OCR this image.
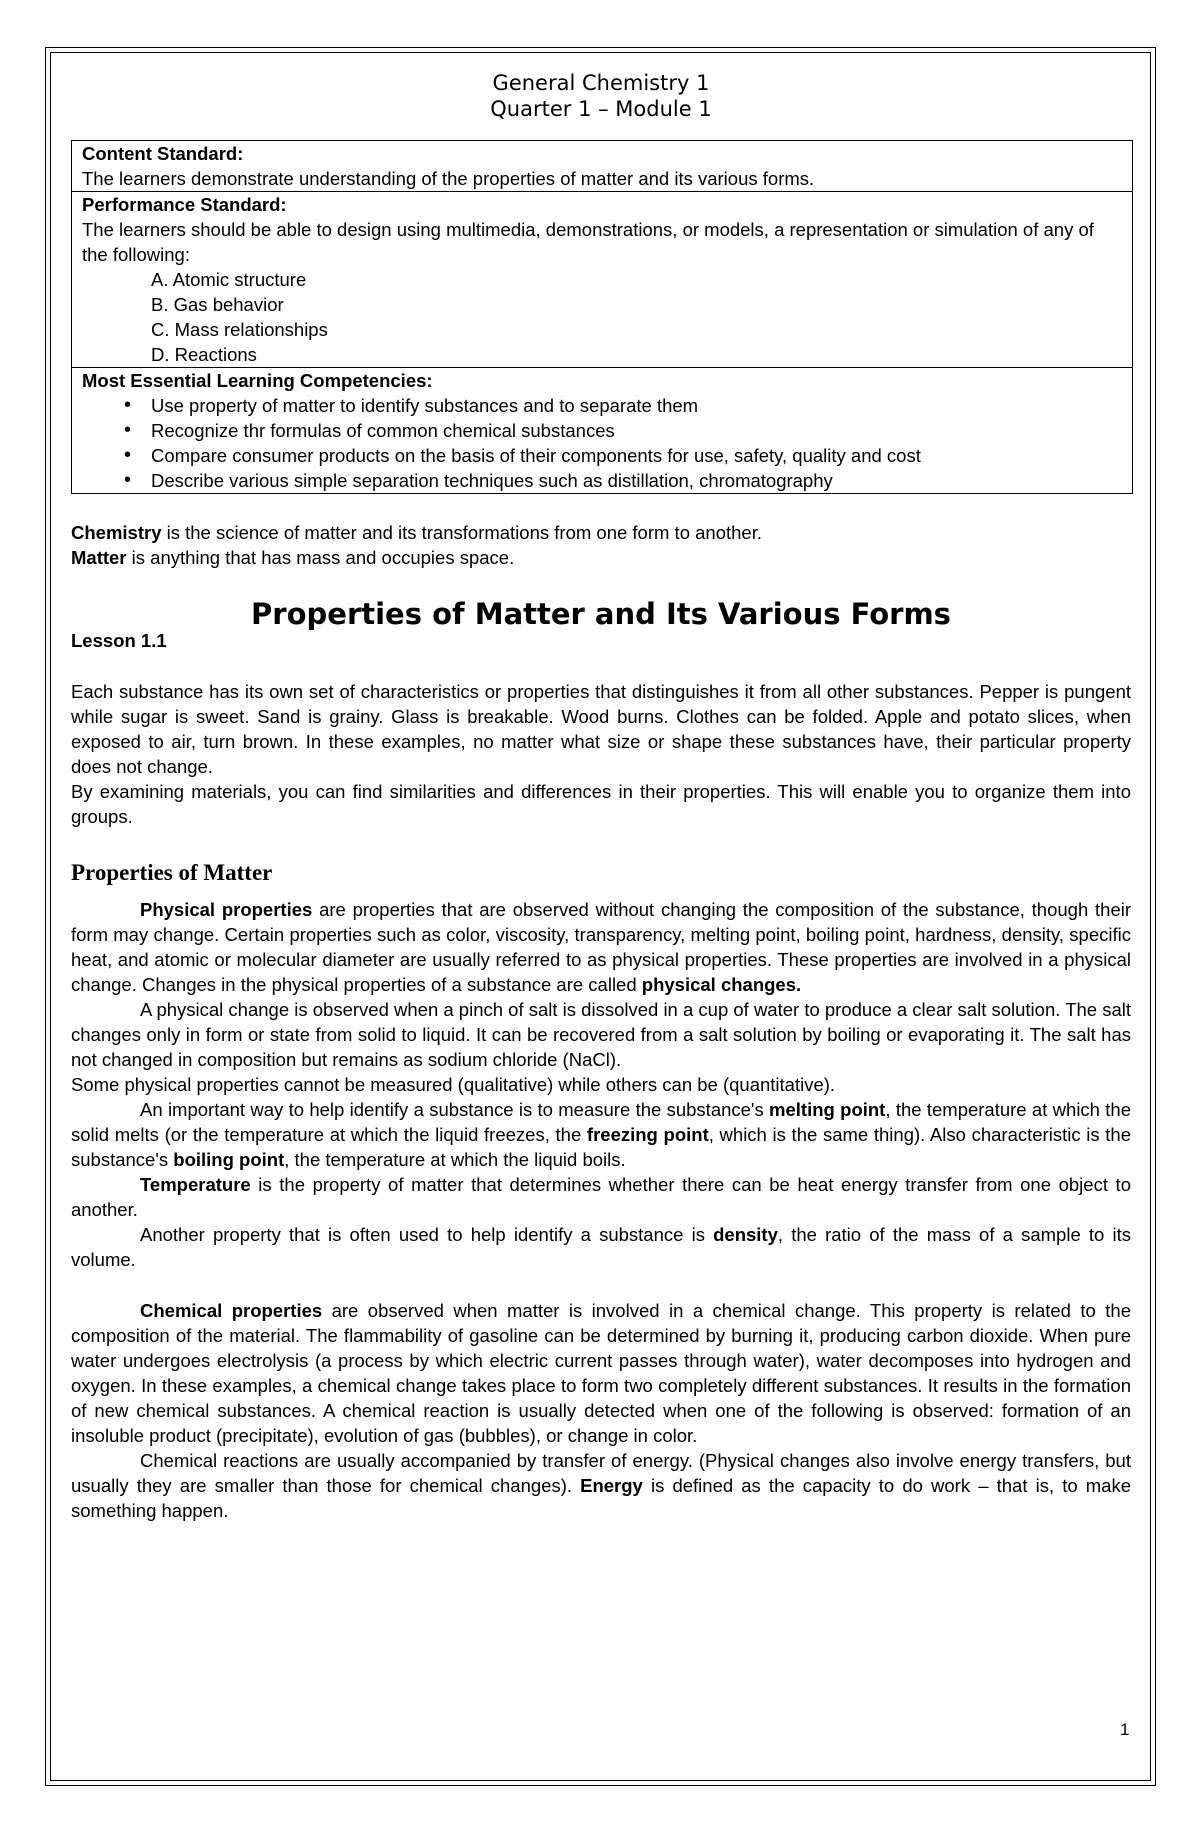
General Chemistry 1
Quarter 1 – Module 1
Content Standard:
The learners demonstrate understanding of the properties of matter and its various forms.
Performance Standard:
The learners should be able to design using multimedia, demonstrations, or models, a representation or simulation of any of the following:
A. Atomic structure
B. Gas behavior
C. Mass relationships
D. Reactions
Most Essential Learning Competencies:
• Use property of matter to identify substances and to separate them
• Recognize thr formulas of common chemical substances
• Compare consumer products on the basis of their components for use, safety, quality and cost
• Describe various simple separation techniques such as distillation, chromatography
Chemistry is the science of matter and its transformations from one form to another.
Matter is anything that has mass and occupies space.
Properties of Matter and Its Various Forms
Lesson 1.1

Each substance has its own set of characteristics or properties that distinguishes it from all other substances. Pepper is pungent while sugar is sweet. Sand is grainy. Glass is breakable. Wood burns. Clothes can be folded. Apple and potato slices, when exposed to air, turn brown. In these examples, no matter what size or shape these substances have, their particular property does not change.

By examining materials, you can find similarities and differences in their properties. This will enable you to organize them into groups.

Properties of Matter

Physical properties are properties that are observed without changing the composition of the substance, though their form may change. Certain properties such as color, viscosity, transparency, melting point, boiling point, hardness, density, specific heat, and atomic or molecular diameter are usually referred to as physical properties. These properties are involved in a physical change. Changes in the physical properties of a substance are called physical changes.

A physical change is observed when a pinch of salt is dissolved in a cup of water to produce a clear salt solution. The salt changes only in form or state from solid to liquid. It can be recovered from a salt solution by boiling or evaporating it. The salt has not changed in composition but remains as sodium chloride (NaCl).

Some physical properties cannot be measured (qualitative) while others can be (quantitative).

An important way to help identify a substance is to measure the substance's melting point, the temperature at which the solid melts (or the temperature at which the liquid freezes, the freezing point, which is the same thing). Also characteristic is the substance's boiling point, the temperature at which the liquid boils.

Temperature is the property of matter that determines whether there can be heat energy transfer from one object to another.

Another property that is often used to help identify a substance is density, the ratio of the mass of a sample to its volume.

Chemical properties are observed when matter is involved in a chemical change. This property is related to the composition of the material. The flammability of gasoline can be determined by burning it, producing carbon dioxide. When pure water undergoes electrolysis (a process by which electric current passes through water), water decomposes into hydrogen and oxygen. In these examples, a chemical change takes place to form two completely different substances. It results in the formation of new chemical substances. A chemical reaction is usually detected when one of the following is observed: formation of an insoluble product (precipitate), evolution of gas (bubbles), or change in color.

Chemical reactions are usually accompanied by transfer of energy. (Physical changes also involve energy transfers, but usually they are smaller than those for chemical changes). Energy is defined as the capacity to do work – that is, to make something happen.

1
